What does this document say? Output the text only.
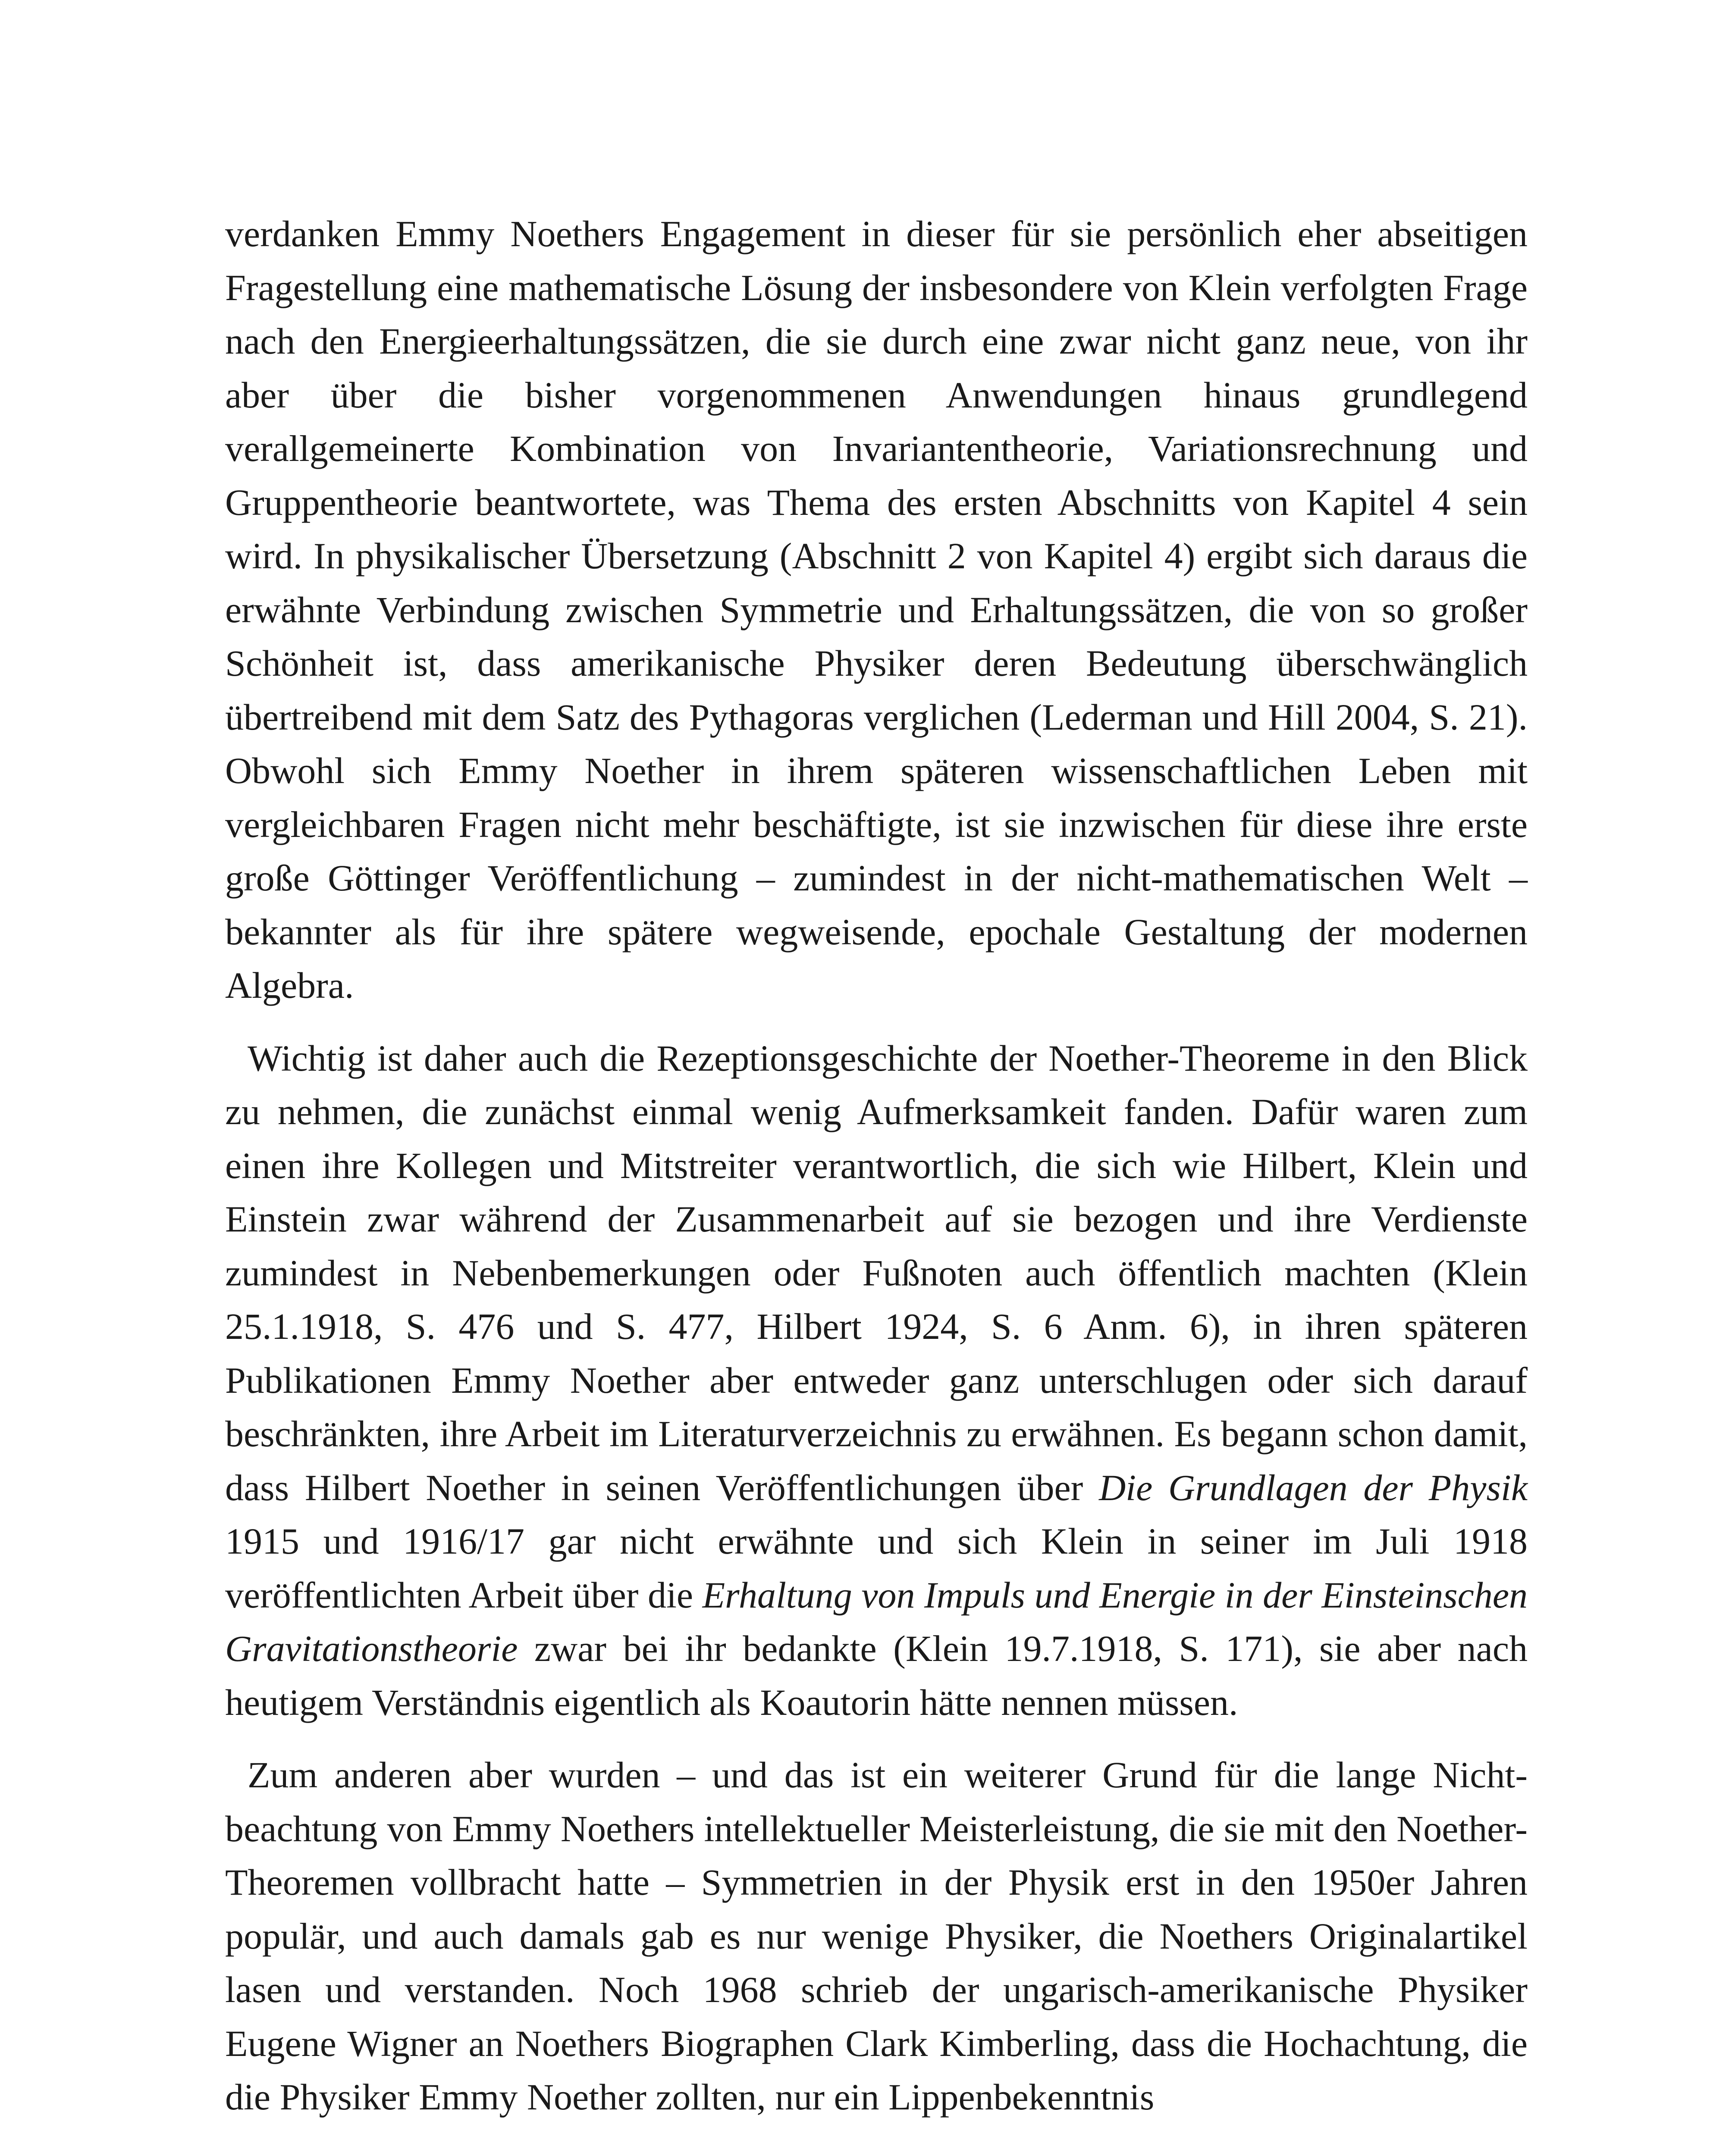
verdanken Emmy Noethers Engagement in dieser für sie persönlich eher abseitigen Fragestellung eine mathematische Lösung der insbesondere von Klein verfolgten Frage nach den Energieerhaltungssätzen, die sie durch eine zwar nicht ganz neue, von ihr aber über die bisher vorgenommenen Anwendungen hinaus grundlegend verallgemeinerte Kombination von Invariantentheorie, Variationsrechnung und Gruppentheorie beantwortete, was Thema des ersten Abschnitts von Kapitel 4 sein wird. In physikalischer Übersetzung (Abschnitt 2 von Kapitel 4) ergibt sich daraus die erwähnte Verbindung zwischen Symmetrie und Erhaltungssätzen, die von so großer Schönheit ist, dass amerikanische Physiker deren Bedeutung überschwänglich übertreibend mit dem Satz des Pythagoras verglichen (Lederman und Hill 2004, S. 21). Obwohl sich Emmy Noether in ihrem späteren wissenschaftlichen Leben mit vergleichbaren Fragen nicht mehr beschäftigte, ist sie inzwischen für diese ihre erste große Göttinger Veröffentlichung – zumindest in der nicht-mathematischen Welt – bekannter als für ihre spätere wegweisende, epochale Gestaltung der modernen Algebra.

Wichtig ist daher auch die Rezeptionsgeschichte der Noether-Theoreme in den Blick zu nehmen, die zunächst einmal wenig Aufmerksamkeit fanden. Dafür waren zum einen ihre Kollegen und Mitstreiter verantwortlich, die sich wie Hilbert, Klein und Einstein zwar während der Zusammenarbeit auf sie bezogen und ihre Verdienste zumindest in Nebenbemerkungen oder Fußnoten auch öffentlich machten (Klein 25.1.1918, S. 476 und S. 477, Hilbert 1924, S. 6 Anm. 6), in ihren späteren Publikationen Emmy Noether aber entweder ganz unterschlugen oder sich darauf beschränkten, ihre Arbeit im Literaturverzeichnis zu erwähnen. Es begann schon damit, dass Hilbert Noether in seinen Veröffentlichungen über Die Grundlagen der Physik 1915 und 1916/17 gar nicht erwähnte und sich Klein in seiner im Juli 1918 veröffentlichten Arbeit über die Erhaltung von Impuls und Energie in der Einsteinschen Gravitationstheorie zwar bei ihr bedankte (Klein 19.7.1918, S. 171), sie aber nach heutigem Verständnis eigentlich als Koautorin hätte nennen müssen.

Zum anderen aber wurden – und das ist ein weiterer Grund für die lange Nichtbeachtung von Emmy Noethers intellektueller Meisterleistung, die sie mit den Noether-Theoremen vollbracht hatte – Symmetrien in der Physik erst in den 1950er Jahren populär, und auch damals gab es nur wenige Physiker, die Noethers Originalartikel lasen und verstanden. Noch 1968 schrieb der ungarisch-amerikanische Physiker Eugene Wigner an Noethers Biographen Clark Kimberling, dass die Hochachtung, die die Physiker Emmy Noether zollten, nur ein Lippenbekenntnis
